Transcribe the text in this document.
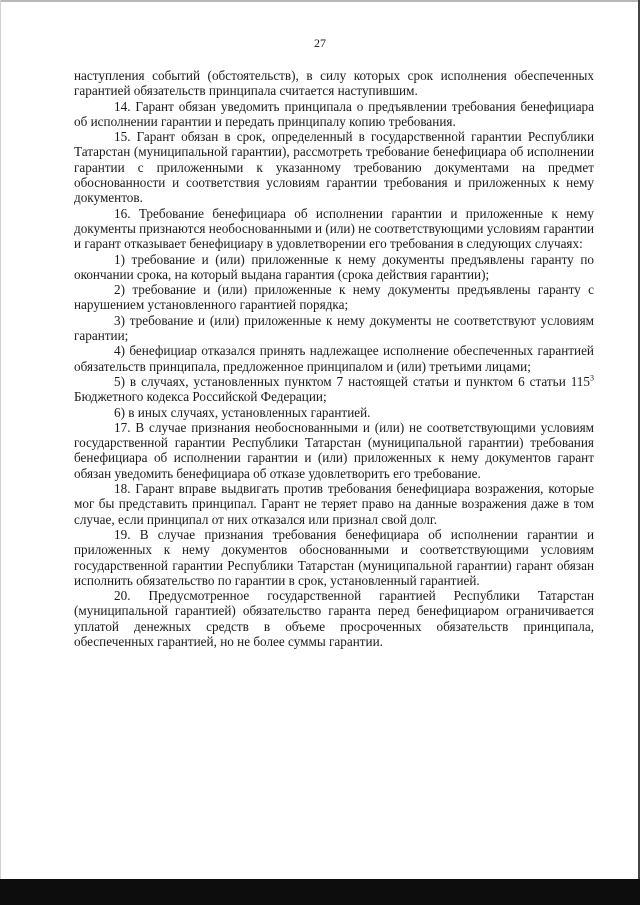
27

наступления событий (обстоятельств), в силу которых срок исполнения обеспеченных гарантией обязательств принципала считается наступившим.

14. Гарант обязан уведомить принципала о предъявлении требования бенефициара об исполнении гарантии и передать принципалу копию требования.

15. Гарант обязан в срок, определенный в государственной гарантии Республики Татарстан (муниципальной гарантии), рассмотреть требование бенефициара об исполнении гарантии с приложенными к указанному требованию документами на предмет обоснованности и соответствия условиям гарантии требования и приложенных к нему документов.

16. Требование бенефициара об исполнении гарантии и приложенные к нему документы признаются необоснованными и (или) не соответствующими условиям гарантии и гарант отказывает бенефициару в удовлетворении его требования в следующих случаях:

1) требование и (или) приложенные к нему документы предъявлены гаранту по окончании срока, на который выдана гарантия (срока действия гарантии);

2) требование и (или) приложенные к нему документы предъявлены гаранту с нарушением установленного гарантией порядка;

3) требование и (или) приложенные к нему документы не соответствуют условиям гарантии;

4) бенефициар отказался принять надлежащее исполнение обеспеченных гарантией обязательств принципала, предложенное принципалом и (или) третьими лицами;

5) в случаях, установленных пунктом 7 настоящей статьи и пунктом 6 статьи $115^3$ Бюджетного кодекса Российской Федерации;

6) в иных случаях, установленных гарантией.

17. В случае признания необоснованными и (или) не соответствующими условиям государственной гарантии Республики Татарстан (муниципальной гарантии) требования бенефициара об исполнении гарантии и (или) приложенных к нему документов гарант обязан уведомить бенефициара об отказе удовлетворить его требование.

18. Гарант вправе выдвигать против требования бенефициара возражения, которые мог бы представить принципал. Гарант не теряет право на данные возражения даже в том случае, если принципал от них отказался или признал свой долг.

19. В случае признания требования бенефициара об исполнении гарантии и приложенных к нему документов обоснованными и соответствующими условиям государственной гарантии Республики Татарстан (муниципальной гарантии) гарант обязан исполнить обязательство по гарантии в срок, установленный гарантией.

20. Предусмотренное государственной гарантией Республики Татарстан (муниципальной гарантией) обязательство гаранта перед бенефициаром ограничивается уплатой денежных средств в объеме просроченных обязательств принципала, обеспеченных гарантией, но не более суммы гарантии.
